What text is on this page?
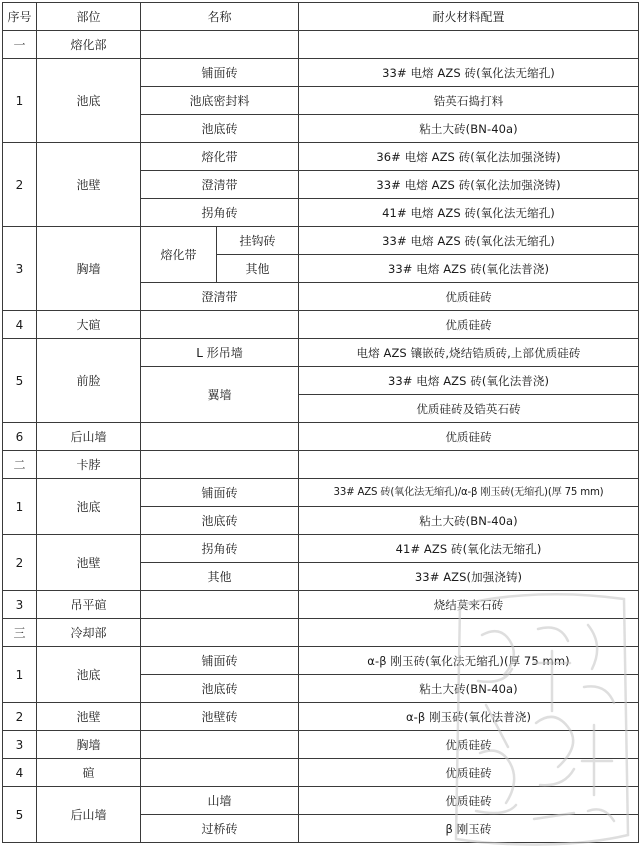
序号	部位	名称		耐火材料配置
一	熔化部			
1	池底	铺面砖		33# 电熔 AZS 砖(氧化法无缩孔)
		池底密封料		锆英石捣打料
		池底砖		粘土大砖(BN-40a)
2	池壁	熔化带		36# 电熔 AZS 砖(氧化法加强浇铸)
		澄清带		33# 电熔 AZS 砖(氧化法加强浇铸)
		拐角砖		41# 电熔 AZS 砖(氧化法无缩孔)
3	胸墙	熔化带	挂钩砖	33# 电熔 AZS 砖(氧化法无缩孔)
			其他	33# 电熔 AZS 砖(氧化法普浇)
		澄清带		优质硅砖
4	大碹			优质硅砖
5	前脸	L 形吊墙		电熔 AZS 镶嵌砖,烧结锆质砖,上部优质硅砖
		翼墙		33# 电熔 AZS 砖(氧化法普浇)
				优质硅砖及锆英石砖
6	后山墙			优质硅砖
二	卡脖			
1	池底	铺面砖		33# AZS 砖(氧化法无缩孔)/α-β 刚玉砖(无缩孔)(厚 75 mm)
		池底砖		粘土大砖(BN-40a)
2	池壁	拐角砖		41# AZS 砖(氧化法无缩孔)
		其他		33# AZS(加强浇铸)
3	吊平碹			烧结莫来石砖
三	冷却部			
1	池底	铺面砖		α-β 刚玉砖(氧化法无缩孔)(厚 75 mm)
		池底砖		粘土大砖(BN-40a)
2	池壁	池壁砖		α-β 刚玉砖(氧化法普浇)
3	胸墙			优质硅砖
4	碹			优质硅砖
5	后山墙	山墙		优质硅砖
		过桥砖		β 刚玉砖
